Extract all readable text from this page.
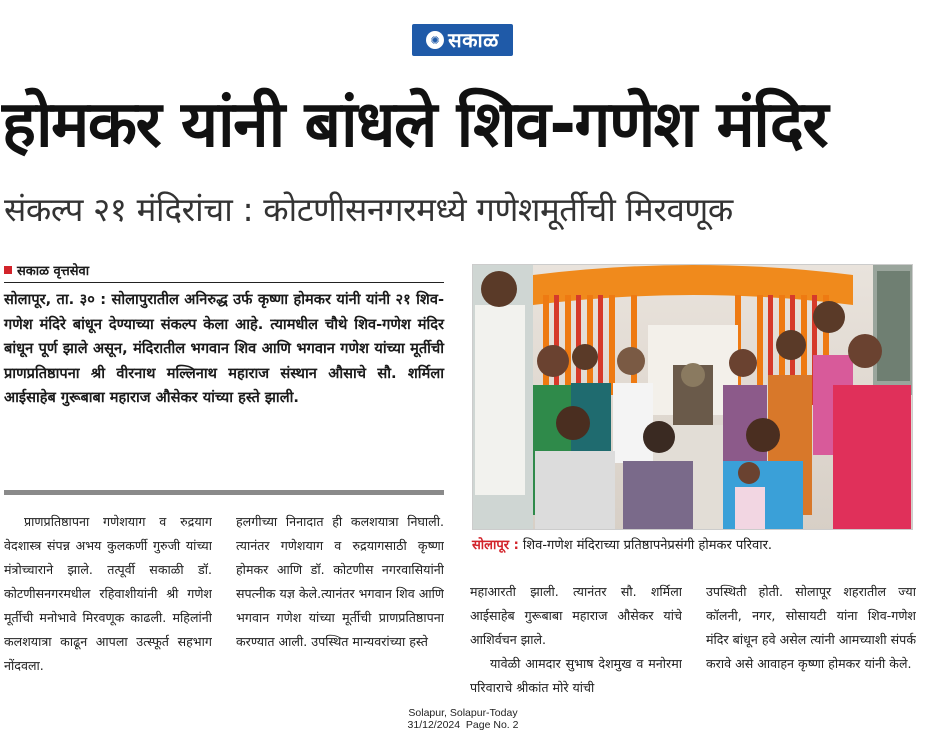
✺ सकाळ
होमकर यांनी बांधले शिव-गणेश मंदिर
संकल्प २१ मंदिरांचा : कोटणीसनगरमध्ये गणेशमूर्तीची मिरवणूक
सकाळ वृत्तसेवा

सोलापूर, ता. ३० : सोलापुरातील अनिरुद्ध उर्फ कृष्णा होमकर यांनी यांनी २१ शिव-गणेश मंदिरे बांधून देण्याच्या संकल्प केला आहे. त्यामधील चौथे शिव-गणेश मंदिर बांधून पूर्ण झाले असून, मंदिरातील भगवान शिव आणि भगवान गणेश यांच्या मूर्तीची प्राणप्रतिष्ठापना श्री वीरनाथ मल्लिनाथ महाराज संस्थान औसाचे सौ. शर्मिला आईसाहेब गुरूबाबा महाराज औसेकर यांच्या हस्ते झाली.

प्राणप्रतिष्ठापना गणेशयाग व रुद्रयाग वेदशास्त्र संपन्न अभय कुलकर्णी गुरुजी यांच्या मंत्रोच्चाराने झाले. तत्पूर्वी सकाळी डॉ. कोटणीसनगरमधील रहिवाशीयांनी श्री गणेश मूर्तीची मनोभावे मिरवणूक काढली. महिलांनी कलशयात्रा काढून आपला उत्स्फूर्त सहभाग नोंदवला.

हलगीच्या निनादात ही कलशयात्रा निघाली. त्यानंतर गणेशयाग व रुद्रयागसाठी कृष्णा होमकर आणि डॉ. कोटणीस नगरवासियांनी सपत्नीक यज्ञ केले.त्यानंतर भगवान शिव आणि भगवान गणेश यांच्या मूर्तीची प्राणप्रतिष्ठापना करण्यात आली. उपस्थित मान्यवरांच्या हस्ते

महाआरती झाली. त्यानंतर सौ. शर्मिला आईसाहेब गुरूबाबा महाराज औसेकर यांचे आशिर्वचन झाले.
यावेळी आमदार सुभाष देशमुख व मनोरमा परिवाराचे श्रीकांत मोरे यांची

उपस्थिती होती. सोलापूर शहरातील ज्या कॉलनी, नगर, सोसायटी यांना शिव-गणेश मंदिर बांधून हवे असेल त्यांनी आमच्याशी संपर्क करावे असे आवाहन कृष्णा होमकर यांनी केले.

सोलापूर : शिव-गणेश मंदिराच्या प्रतिष्ठापनेप्रसंगी होमकर परिवार.
Solapur, Solapur-Today
31/12/2024  Page No. 2
